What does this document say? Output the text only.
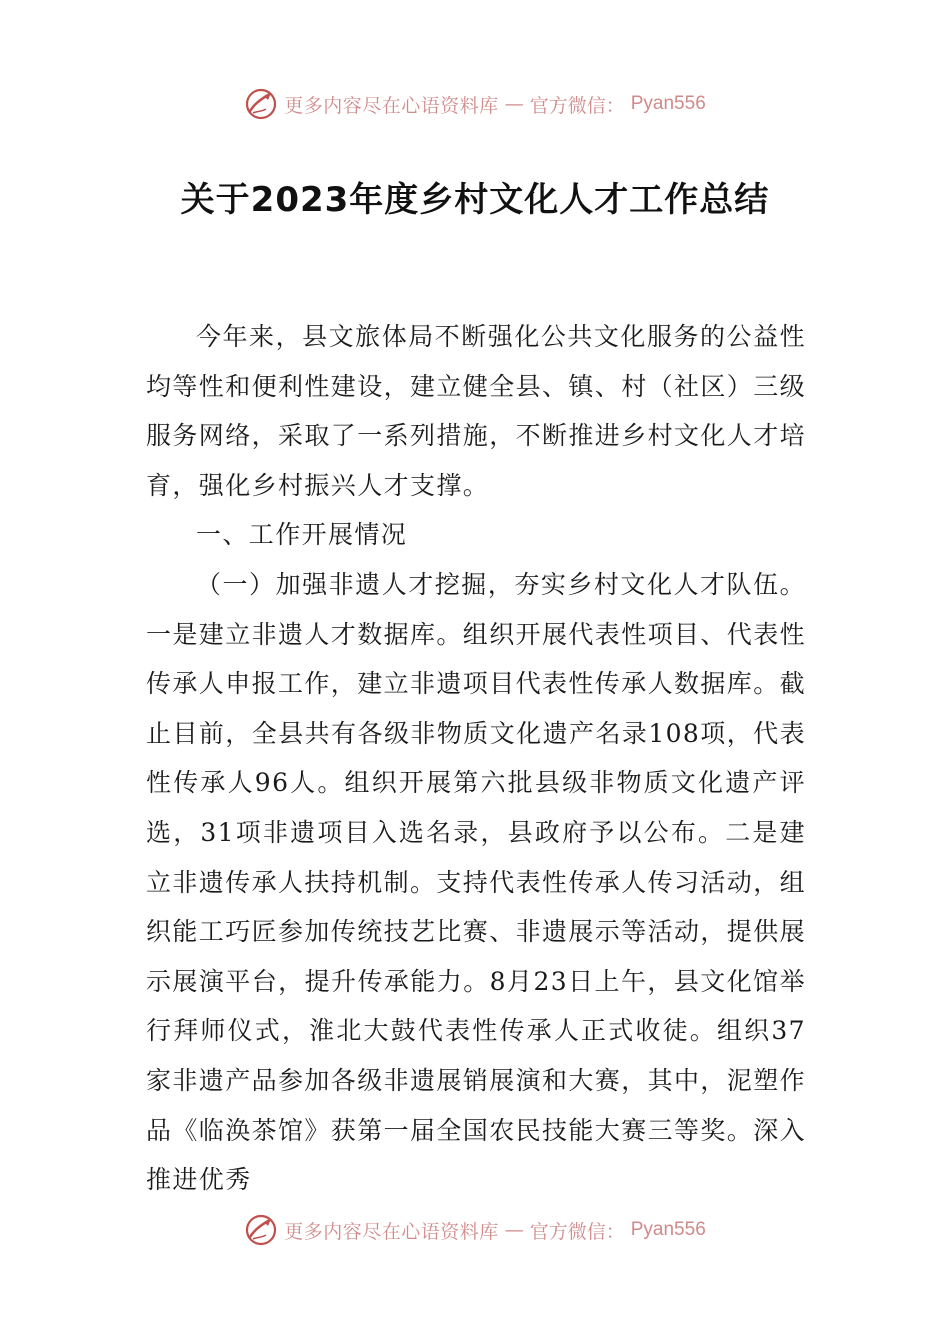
更多内容尽在心语资料库 — 官方微信： Pyan556
关于2023年度乡村文化人才工作总结

今年来，县文旅体局不断强化公共文化服务的公益性均等性和便利性建设，建立健全县、镇、村（社区）三级服务网络，采取了一系列措施，不断推进乡村文化人才培育，强化乡村振兴人才支撑。

一、工作开展情况

（一）加强非遗人才挖掘，夯实乡村文化人才队伍。一是建立非遗人才数据库。组织开展代表性项目、代表性传承人申报工作，建立非遗项目代表性传承人数据库。截止目前，全县共有各级非物质文化遗产名录108项，代表性传承人96人。组织开展第六批县级非物质文化遗产评选，31项非遗项目入选名录，县政府予以公布。二是建立非遗传承人扶持机制。支持代表性传承人传习活动，组织能工巧匠参加传统技艺比赛、非遗展示等活动，提供展示展演平台，提升传承能力。8月23日上午，县文化馆举行拜师仪式，淮北大鼓代表性传承人正式收徒。组织37家非遗产品参加各级非遗展销展演和大赛，其中，泥塑作品《临涣茶馆》获第一届全国农民技能大赛三等奖。深入推进优秀

更多内容尽在心语资料库 — 官方微信： Pyan556
